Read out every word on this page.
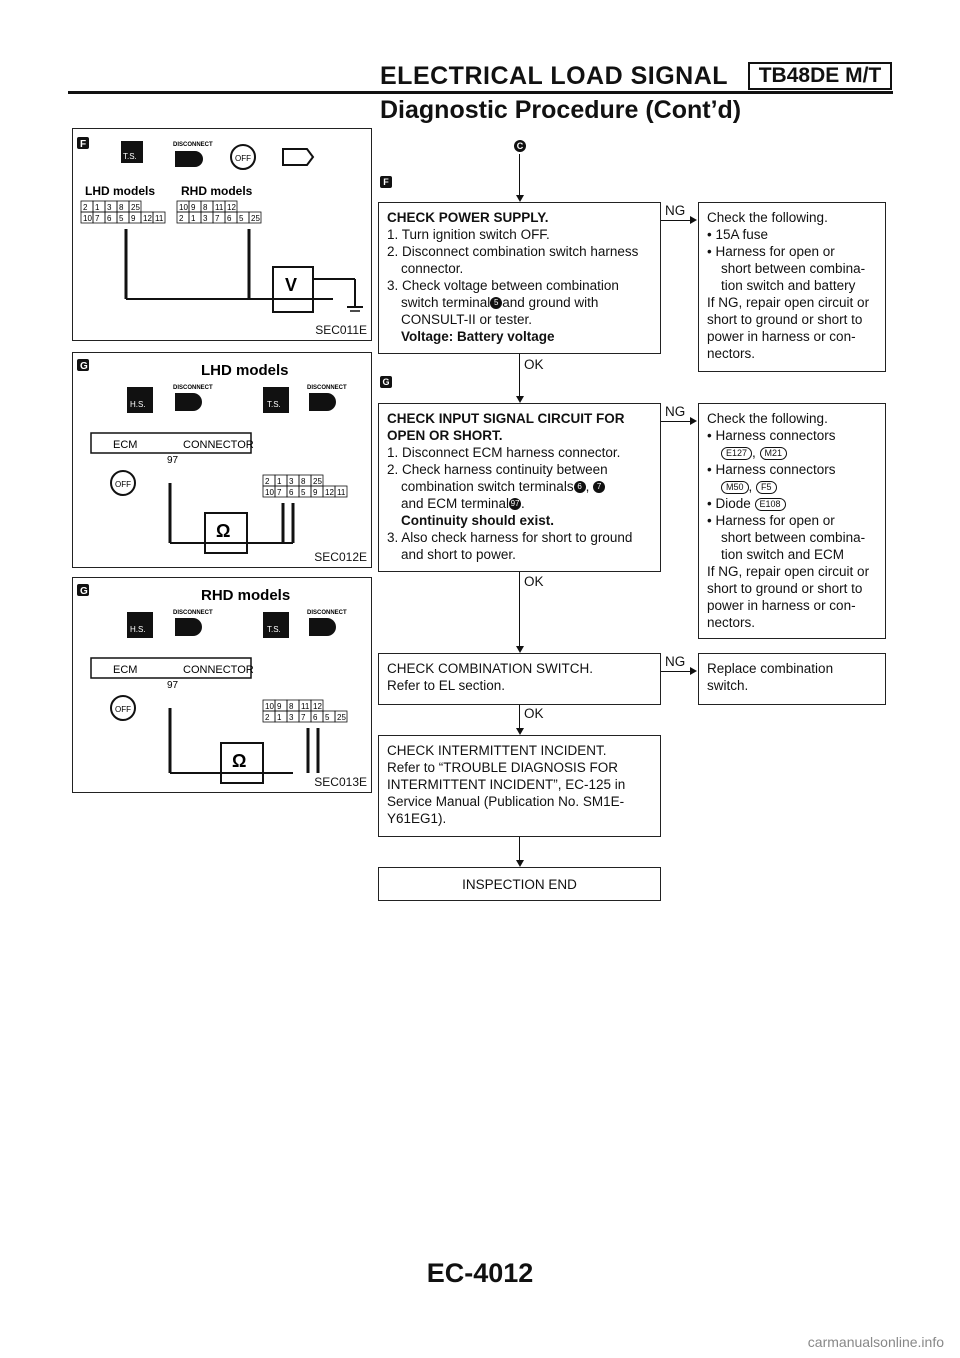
ELECTRICAL LOAD SIGNAL	TB48DE M/T
Diagnostic Procedure (Cont’d)
F
T.S.
DISCONNECT
OFF
LHD models RHD models
2 1 3 8 25
10 7 6 5 9 12 11
10 9 8 11 12
2 1 3 7 6 5 25
V
SEC011E
G	LHD models
H.S.
DISCONNECT
T.S.
DISCONNECT
ECM	CONNECTOR
97
OFF	2 1 3 8 25
10 7 6 5 9 12 11
Ω
SEC012E
G	RHD models
H.S.
DISCONNECT
T.S.
DISCONNECT
ECM	CONNECTOR
97
OFF	10 9 8 11 12
2 1 3 7 6 5 25
Ω
SEC013E
C
F
CHECK POWER SUPPLY.
1. Turn ignition switch OFF.
2. Disconnect combination switch harness
connector.
3. Check voltage between combination
switch terminal 5 and ground with
CONSULT-II or tester.
Voltage: Battery voltage
NG Check the following.
• 15A fuse
• Harness for open or
short between combina-
tion switch and battery
If NG, repair open circuit or
short to ground or short to
power in harness or con-
nectors.
OK
G
CHECK INPUT SIGNAL CIRCUIT FOR
OPEN OR SHORT.
1. Disconnect ECM harness connector.
2. Check harness continuity between
combination switch terminals 6 , 7
and ECM terminal 97 .
Continuity should exist.
3. Also check harness for short to ground
and short to power.
NG Check the following.
• Harness connectors
E127 , M21
• Harness connectors
M50 , F5
• Diode E108
• Harness for open or
short between combina-
tion switch and ECM
If NG, repair open circuit or
short to ground or short to
power in harness or con-
nectors.
OK
CHECK COMBINATION SWITCH.
Refer to EL section.
NG Replace combination
switch.
OK
CHECK INTERMITTENT INCIDENT.
Refer to “TROUBLE DIAGNOSIS FOR
INTERMITTENT INCIDENT”, EC-125 in
Service Manual (Publication No. SM1E-
Y61EG1).
INSPECTION END
EC-4012
carmanualsonline.info
